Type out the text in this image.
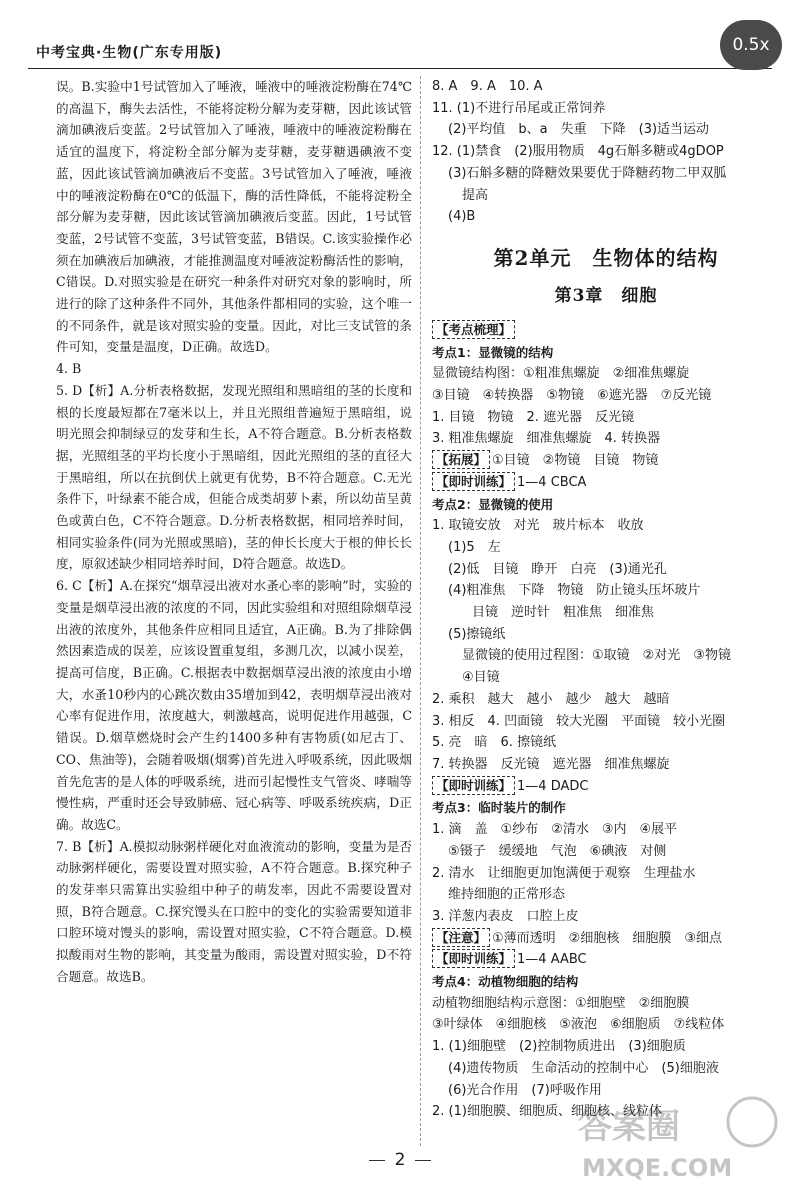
中考宝典·生物(广东专用版)	0.5x

误。B.实验中1号试管加入了唾液，唾液中的唾液淀粉酶在74℃的高温下，酶失去活性，不能将淀粉分解为麦芽糖，因此该试管滴加碘液后变蓝。2号试管加入了唾液，唾液中的唾液淀粉酶在适宜的温度下，将淀粉全部分解为麦芽糖，麦芽糖遇碘液不变蓝，因此该试管滴加碘液后不变蓝。3号试管加入了唾液，唾液中的唾液淀粉酶在0℃的低温下，酶的活性降低，不能将淀粉全部分解为麦芽糖，因此该试管滴加碘液后变蓝。因此，1号试管变蓝，2号试管不变蓝，3号试管变蓝，B错误。C.该实验操作必须在加碘液后加碘液，才能推测温度对唾液淀粉酶活性的影响，C错误。D.对照实验是在研究一种条件对研究对象的影响时，所进行的除了这种条件不同外，其他条件都相同的实验，这个唯一的不同条件，就是该对照实验的变量。因此，对比三支试管的条件可知，变量是温度，D正确。故选D。

4. B

5. D【析】A.分析表格数据，发现光照组和黑暗组的茎的长度和根的长度最短都在7毫米以上，并且光照组普遍短于黑暗组，说明光照会抑制绿豆的发芽和生长，A不符合题意。B.分析表格数据，光照组茎的平均长度小于黑暗组，因此光照组的茎的直径大于黑暗组，所以在抗倒伏上就更有优势，B不符合题意。C.无光条件下，叶绿素不能合成，但能合成类胡萝卜素，所以幼苗呈黄色或黄白色，C不符合题意。D.分析表格数据，相同培养时间，相同实验条件(同为光照或黑暗)，茎的伸长长度大于根的伸长长度，原叙述缺少相同培养时间，D符合题意。故选D。

6. C【析】A.在探究“烟草浸出液对水蚤心率的影响”时，实验的变量是烟草浸出液的浓度的不同，因此实验组和对照组除烟草浸出液的浓度外，其他条件应相同且适宜，A正确。B.为了排除偶然因素造成的误差，应该设置重复组，多测几次，以减小误差，提高可信度，B正确。C.根据表中数据烟草浸出液的浓度由小增大，水蚤10秒内的心跳次数由35增加到42，表明烟草浸出液对心率有促进作用，浓度越大，刺激越高，说明促进作用越强，C错误。D.烟草燃烧时会产生约1400多种有害物质(如尼古丁、CO、焦油等)，会随着吸烟(烟雾)首先进入呼吸系统，因此吸烟首先危害的是人体的呼吸系统，进而引起慢性支气管炎、哮喘等慢性病，严重时还会导致肺癌、冠心病等、呼吸系统疾病，D正确。故选C。

7. B【析】A.模拟动脉粥样硬化对血液流动的影响，变量为是否动脉粥样硬化，需要设置对照实验，A不符合题意。B.探究种子的发芽率只需算出实验组中种子的萌发率，因此不需要设置对照，B符合题意。C.探究馒头在口腔中的变化的实验需要知道非口腔环境对馒头的影响，需设置对照实验，C不符合题意。D.模拟酸雨对生物的影响，其变量为酸雨，需设置对照实验，D不符合题意。故选B。

8. A　9. A　10. A

11. (1)不进行吊尾或正常饲养

(2)平均值　b、a　失重　下降　(3)适当运动

12. (1)禁食　(2)服用物质　4g石斛多糖或4gDOP

(3)石斛多糖的降糖效果要优于降糖药物二甲双胍

提高

(4)B

第2单元　生物体的结构
第3章　细胞

【考点梳理】

考点1：显微镜的结构

显微镜结构图：①粗准焦螺旋　②细准焦螺旋

③目镜　④转换器　⑤物镜　⑥遮光器　⑦反光镜

1. 目镜　物镜　2. 遮光器　反光镜

3. 粗准焦螺旋　细准焦螺旋　4. 转换器

【拓展】 ①目镜　②物镜　目镜　物镜

【即时训练】 1—4 CBCA

考点2：显微镜的使用

1. 取镜安放　对光　玻片标本　收放

(1)5　左

(2)低　目镜　睁开　白亮　(3)通光孔

(4)粗准焦　下降　物镜　防止镜头压坏玻片

目镜　逆时针　粗准焦　细准焦

(5)擦镜纸

显微镜的使用过程图：①取镜　②对光　③物镜

④目镜

2. 乘积　越大　越小　越少　越大　越暗

3. 相反　4. 凹面镜　较大光圈　平面镜　较小光圈

5. 亮　暗　6. 擦镜纸

7. 转换器　反光镜　遮光器　细准焦螺旋

【即时训练】 1—4 DADC

考点3：临时装片的制作

1. 滴　盖　①纱布　②清水　③内　④展平

⑤镊子　缓缓地　气泡　⑥碘液　对侧

2. 清水　让细胞更加饱满便于观察　生理盐水

维持细胞的正常形态

3. 洋葱内表皮　口腔上皮

【注意】 ①薄而透明　②细胞核　细胞膜　③细点

【即时训练】 1—4 AABC

考点4：动植物细胞的结构

动植物细胞结构示意图：①细胞壁　②细胞膜

③叶绿体　④细胞核　⑤液泡　⑥细胞质　⑦线粒体

1. (1)细胞壁　(2)控制物质进出　(3)细胞质

(4)遗传物质　生命活动的控制中心　(5)细胞液

(6)光合作用　(7)呼吸作用

2. (1)细胞膜、细胞质、细胞核、线粒体

2
答案圈
MXQE.COM
